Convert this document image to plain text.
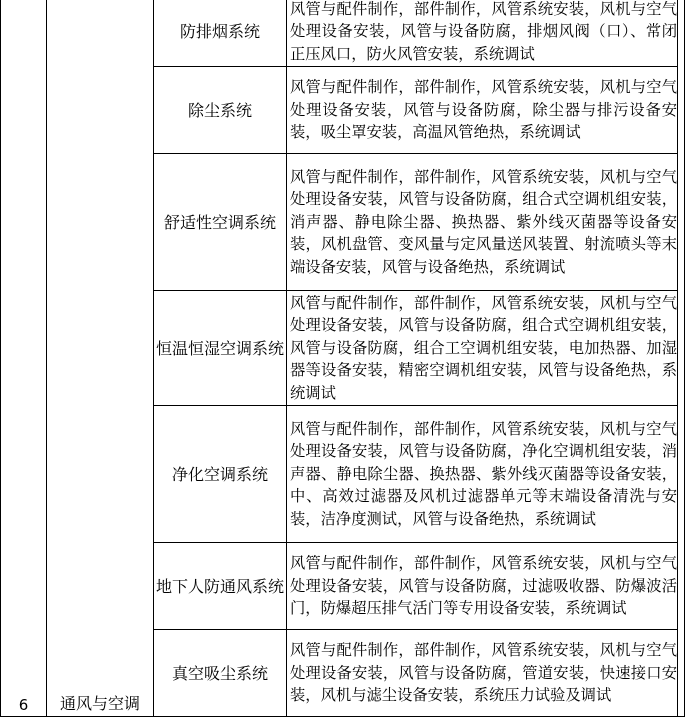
6	通风与空调	防排烟系统	风管与配件制作，部件制作，风管系统安装，风机与空气处理设备安装，风管与设备防腐，排烟风阀（口）、常闭正压风口，防火风管安装，系统调试	
		除尘系统	风管与配件制作，部件制作，风管系统安装，风机与空气处理设备安装，风管与设备防腐，除尘器与排污设备安装，吸尘罩安装，高温风管绝热，系统调试	
		舒适性空调系统	风管与配件制作，部件制作，风管系统安装，风机与空气处理设备安装，风管与设备防腐，组合式空调机组安装，消声器、静电除尘器、换热器、紫外线灭菌器等设备安装，风机盘管、变风量与定风量送风装置、射流喷头等末端设备安装，风管与设备绝热，系统调试	
		恒温恒湿空调系统	风管与配件制作，部件制作，风管系统安装，风机与空气处理设备安装，风管与设备防腐，组合式空调机组安装，风管与设备防腐，组合工空调机组安装，电加热器、加湿器等设备安装，精密空调机组安装，风管与设备绝热，系统调试	
		净化空调系统	风管与配件制作，部件制作，风管系统安装，风机与空气处理设备安装，风管与设备防腐，净化空调机组安装，消声器、静电除尘器、换热器、紫外线灭菌器等设备安装，中、高效过滤器及风机过滤器单元等末端设备清洗与安装，洁净度测试，风管与设备绝热，系统调试	
		地下人防通风系统	风管与配件制作，部件制作，风管系统安装，风机与空气处理设备安装，风管与设备防腐，过滤吸收器、防爆波活门，防爆超压排气活门等专用设备安装，系统调试	
		真空吸尘系统	风管与配件制作，部件制作，风管系统安装，风机与空气处理设备安装，风管与设备防腐，管道安装，快速接口安装，风机与滤尘设备安装，系统压力试验及调试	
